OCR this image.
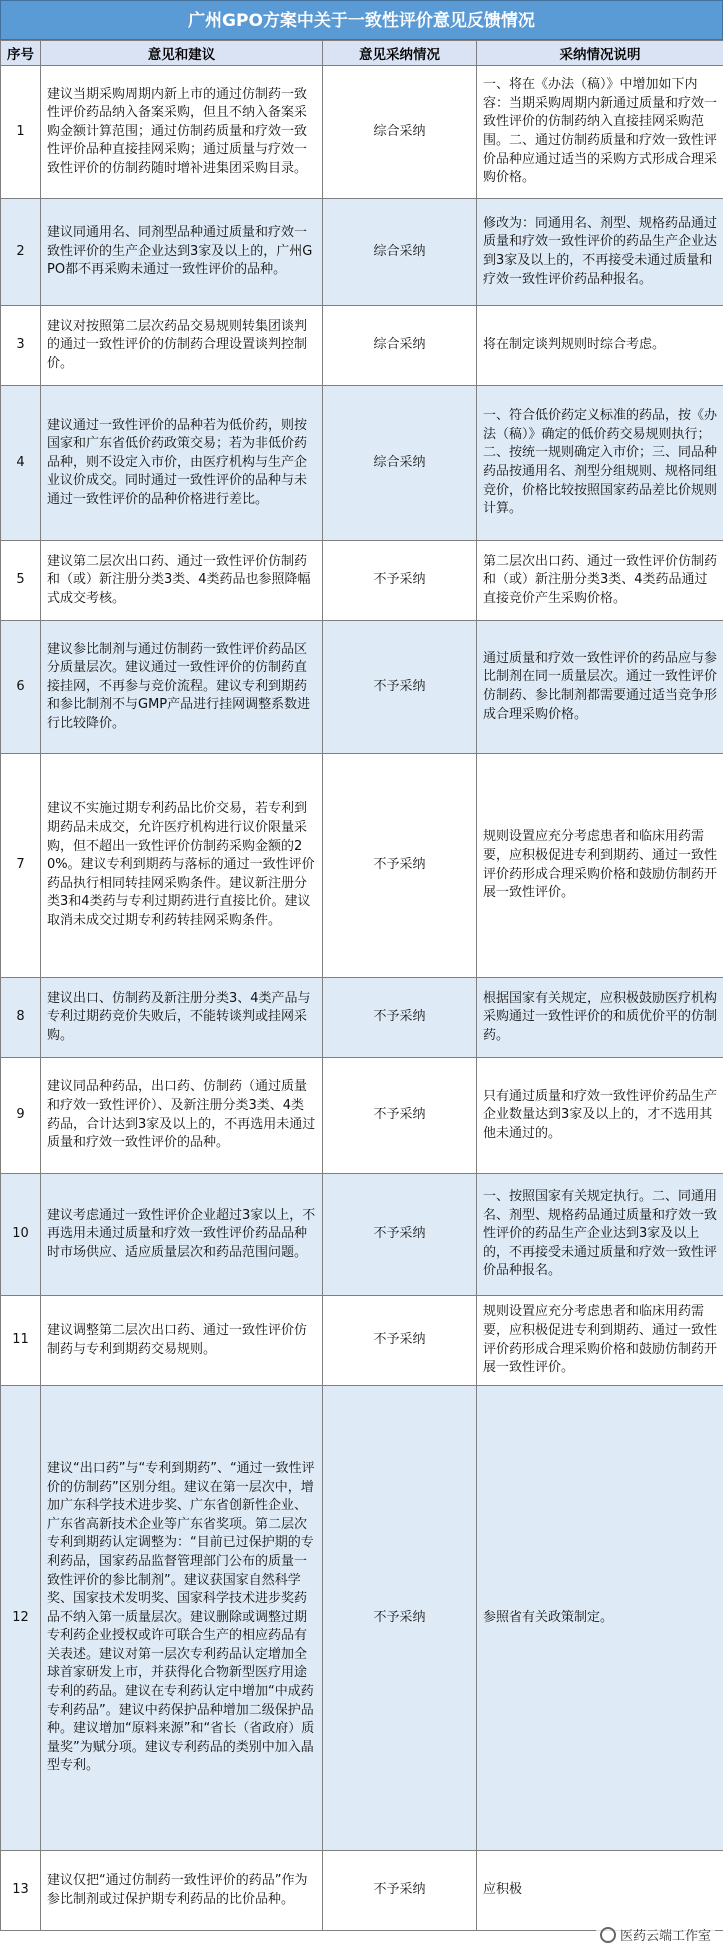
广州GPO方案中关于一致性评价意见反馈情况
序号	意见和建议	意见采纳情况	采纳情况说明
1	建议当期采购周期内新上市的通过仿制药一致性评价药品纳入备案采购，但且不纳入备案采购金额计算范围；通过仿制药质量和疗效一致性评价品种直接挂网采购；通过质量与疗效一致性评价的仿制药随时增补进集团采购目录。	综合采纳	一、将在《办法（稿）》中增加如下内容：当期采购周期内新通过质量和疗效一致性评价的仿制药纳入直接挂网采购范围。二、通过仿制药质量和疗效一致性评价品种应通过适当的采购方式形成合理采购价格。
2	建议同通用名、同剂型品种通过质量和疗效一致性评价的生产企业达到3家及以上的，广州GPO都不再采购未通过一致性评价的品种。	综合采纳	修改为：同通用名、剂型、规格药品通过质量和疗效一致性评价的药品生产企业达到3家及以上的，不再接受未通过质量和疗效一致性评价药品种报名。
3	建议对按照第二层次药品交易规则转集团谈判的通过一致性评价的仿制药合理设置谈判控制价。	综合采纳	将在制定谈判规则时综合考虑。
4	建议通过一致性评价的品种若为低价药，则按国家和广东省低价药政策交易；若为非低价药品种，则不设定入市价，由医疗机构与生产企业议价成交。同时通过一致性评价的品种与未通过一致性评价的品种价格进行差比。	综合采纳	一、符合低价药定义标准的药品，按《办法（稿）》确定的低价药交易规则执行；二、按统一规则确定入市价；三、同品种药品按通用名、剂型分组规则、规格同组竞价，价格比较按照国家药品差比价规则计算。
5	建议第二层次出口药、通过一致性评价仿制药和（或）新注册分类3类、4类药品也参照降幅式成交考核。	不予采纳	第二层次出口药、通过一致性评价仿制药和（或）新注册分类3类、4类药品通过直接竞价产生采购价格。
6	建议参比制剂与通过仿制药一致性评价药品区分质量层次。建议通过一致性评价的仿制药直接挂网，不再参与竞价流程。建议专利到期药和参比制剂不与GMP产品进行挂网调整系数进行比较降价。	不予采纳	通过质量和疗效一致性评价的药品应与参比制剂在同一质量层次。通过一致性评价仿制药、参比制剂都需要通过适当竞争形成合理采购价格。
7	建议不实施过期专利药品比价交易，若专利到期药品未成交，允许医疗机构进行议价限量采购，但不超出一致性评价仿制药采购金额的20%。建议专利到期药与落标的通过一致性评价药品执行相同转挂网采购条件。建议新注册分类3和4类药与专利过期药进行直接比价。建议取消未成交过期专利药转挂网采购条件。	不予采纳	规则设置应充分考虑患者和临床用药需要，应积极促进专利到期药、通过一致性评价药形成合理采购价格和鼓励仿制药开展一致性评价。
8	建议出口、仿制药及新注册分类3、4类产品与专利过期药竞价失败后，不能转谈判或挂网采购。	不予采纳	根据国家有关规定，应积极鼓励医疗机构采购通过一致性评价的和质优价平的仿制药。
9	建议同品种药品，出口药、仿制药（通过质量和疗效一致性评价）、及新注册分类3类、4类药品，合计达到3家及以上的，不再选用未通过质量和疗效一致性评价的品种。	不予采纳	只有通过质量和疗效一致性评价药品生产企业数量达到3家及以上的，才不选用其他未通过的。
10	建议考虑通过一致性评价企业超过3家以上，不再选用未通过质量和疗效一致性评价药品品种时市场供应、适应质量层次和药品范围问题。	不予采纳	一、按照国家有关规定执行。二、同通用名、剂型、规格药品通过质量和疗效一致性评价的药品生产企业达到3家及以上的，不再接受未通过质量和疗效一致性评价品种报名。
11	建议调整第二层次出口药、通过一致性评价仿制药与专利到期药交易规则。	不予采纳	规则设置应充分考虑患者和临床用药需要，应积极促进专利到期药、通过一致性评价药形成合理采购价格和鼓励仿制药开展一致性评价。
12	建议“出口药”与“专利到期药”、“通过一致性评价的仿制药”区别分组。建议在第一层次中，增加广东科学技术进步奖、广东省创新性企业、广东省高新技术企业等广东省奖项。第二层次专利到期药认定调整为：“目前已过保护期的专利药品，国家药品监督管理部门公布的质量一致性评价的参比制剂”。建议获国家自然科学奖、国家技术发明奖、国家科学技术进步奖药品不纳入第一质量层次。建议删除或调整过期专利药企业授权或许可联合生产的相应药品有关表述。建议对第一层次专利药品认定增加全球首家研发上市，并获得化合物新型医疗用途专利的药品。建议在专利药认定中增加“中成药专利药品”。建议中药保护品种增加二级保护品种。建议增加“原料来源”和“省长（省政府）质量奖”为赋分项。建议专利药品的类别中加入晶型专利。	不予采纳	参照省有关政策制定。
13	建议仅把“通过仿制药一致性评价的药品”作为参比制剂或过保护期专利药品的比价品种。	不予采纳	应积极
医药云端工作室
